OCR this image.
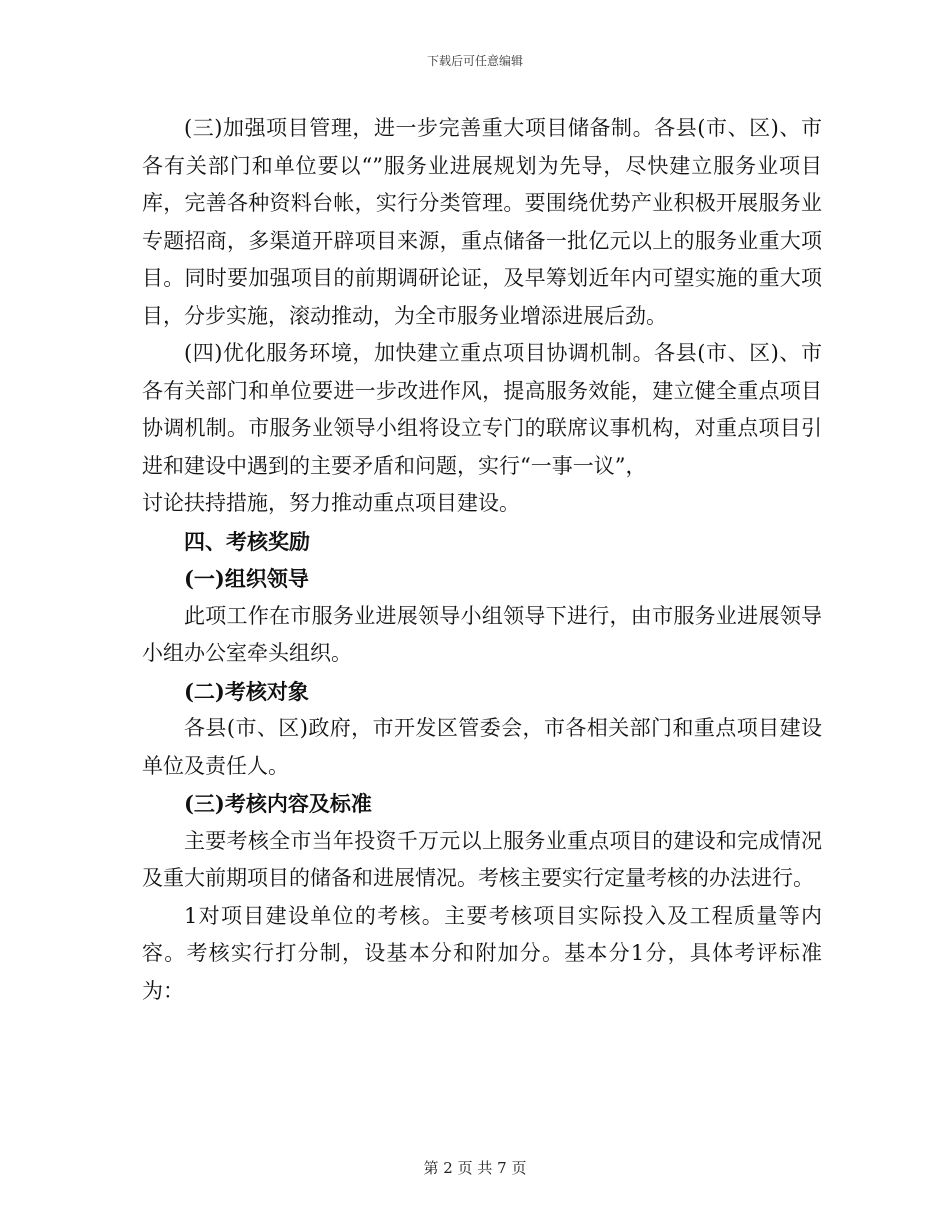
下载后可任意编辑

(三)加强项目管理，进一步完善重大项目储备制。各县(市、区)、市各有关部门和单位要以“”服务业进展规划为先导，尽快建立服务业项目库，完善各种资料台帐，实行分类管理。要围绕优势产业积极开展服务业专题招商，多渠道开辟项目来源，重点储备一批亿元以上的服务业重大项目。同时要加强项目的前期调研论证，及早筹划近年内可望实施的重大项目，分步实施，滚动推动，为全市服务业增添进展后劲。

(四)优化服务环境，加快建立重点项目协调机制。各县(市、区)、市各有关部门和单位要进一步改进作风，提高服务效能，建立健全重点项目协调机制。市服务业领导小组将设立专门的联席议事机构，对重点项目引进和建设中遇到的主要矛盾和问题，实行“一事一议”，

讨论扶持措施，努力推动重点项目建设。

四、考核奖励

(一)组织领导

此项工作在市服务业进展领导小组领导下进行，由市服务业进展领导小组办公室牵头组织。

(二)考核对象

各县(市、区)政府，市开发区管委会，市各相关部门和重点项目建设单位及责任人。

(三)考核内容及标准

主要考核全市当年投资千万元以上服务业重点项目的建设和完成情况及重大前期项目的储备和进展情况。考核主要实行定量考核的办法进行。

1对项目建设单位的考核。主要考核项目实际投入及工程质量等内容。考核实行打分制，设基本分和附加分。基本分1分，具体考评标准为：

第 2 页 共 7 页
